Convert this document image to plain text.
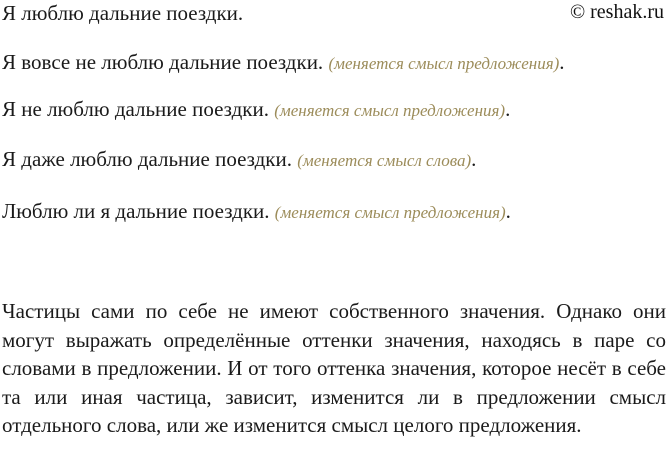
© reshak.ru
Я люблю дальние поездки.
Я вовсе не люблю дальние поездки. (меняется смысл предложения).
Я не люблю дальние поездки. (меняется смысл предложения).
Я даже люблю дальние поездки. (меняется смысл слова).
Люблю ли я дальние поездки. (меняется смысл предложения).

Частицы сами по себе не имеют собственного значения. Однако они могут выражать определённые оттенки значения, находясь в паре со словами в предложении. И от того оттенка значения, которое несёт в себе та или иная частица, зависит, изменится ли в предложении смысл отдельного слова, или же изменится смысл целого предложения.
